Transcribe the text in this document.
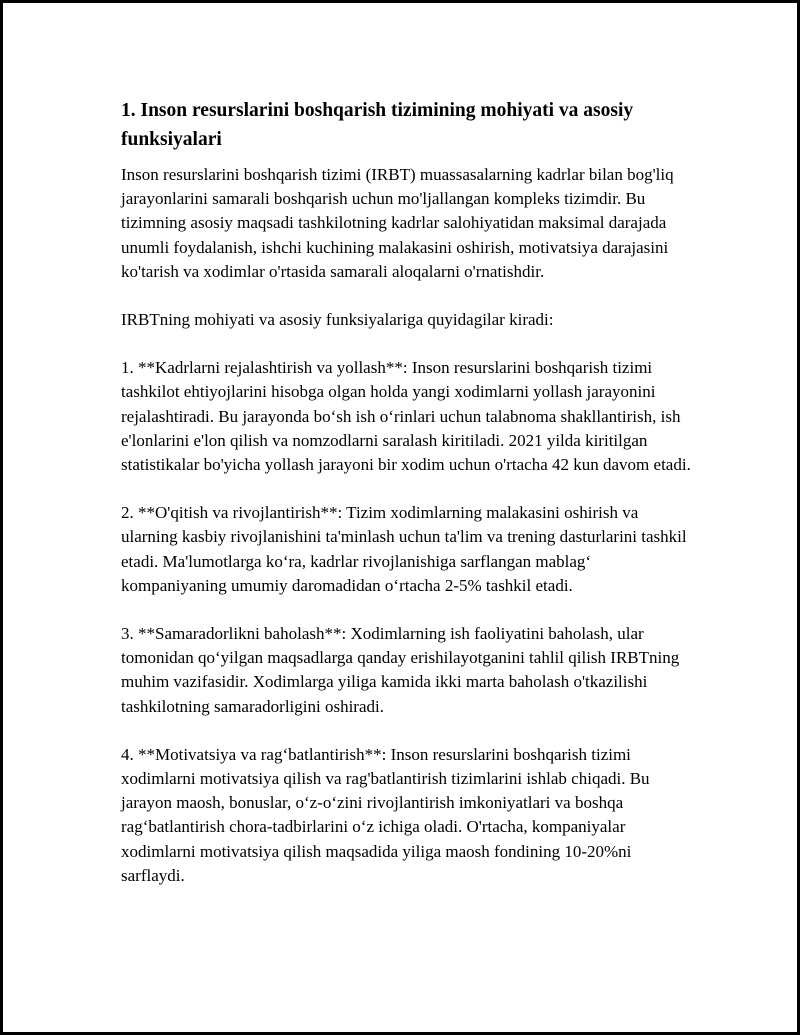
1. Inson resurslarini boshqarish tizimining mohiyati va asosiy funksiyalari

Inson resurslarini boshqarish tizimi (IRBT) muassasalarning kadrlar bilan bog'liq jarayonlarini samarali boshqarish uchun mo'ljallangan kompleks tizimdir. Bu tizimning asosiy maqsadi tashkilotning kadrlar salohiyatidan maksimal darajada unumli foydalanish, ishchi kuchining malakasini oshirish, motivatsiya darajasini ko'tarish va xodimlar o'rtasida samarali aloqalarni o'rnatishdir.

IRBTning mohiyati va asosiy funksiyalariga quyidagilar kiradi:

1. **Kadrlarni rejalashtirish va yollash**: Inson resurslarini boshqarish tizimi tashkilot ehtiyojlarini hisobga olgan holda yangi xodimlarni yollash jarayonini rejalashtiradi. Bu jarayonda bo‘sh ish o‘rinlari uchun talabnoma shakllantirish, ish e'lonlarini e'lon qilish va nomzodlarni saralash kiritiladi. 2021 yilda kiritilgan statistikalar bo'yicha yollash jarayoni bir xodim uchun o'rtacha 42 kun davom etadi.

2. **O'qitish va rivojlantirish**: Tizim xodimlarning malakasini oshirish va ularning kasbiy rivojlanishini ta'minlash uchun ta'lim va trening dasturlarini tashkil etadi. Ma'lumotlarga ko‘ra, kadrlar rivojlanishiga sarflangan mablag‘ kompaniyaning umumiy daromadidan o‘rtacha 2-5% tashkil etadi.

3. **Samaradorlikni baholash**: Xodimlarning ish faoliyatini baholash, ular tomonidan qo‘yilgan maqsadlarga qanday erishilayotganini tahlil qilish IRBTning muhim vazifasidir. Xodimlarga yiliga kamida ikki marta baholash o'tkazilishi tashkilotning samaradorligini oshiradi.

4. **Motivatsiya va rag‘batlantirish**: Inson resurslarini boshqarish tizimi xodimlarni motivatsiya qilish va rag'batlantirish tizimlarini ishlab chiqadi. Bu jarayon maosh, bonuslar, o‘z-o‘zini rivojlantirish imkoniyatlari va boshqa rag‘batlantirish chora-tadbirlarini o‘z ichiga oladi. O'rtacha, kompaniyalar xodimlarni motivatsiya qilish maqsadida yiliga maosh fondining 10-20%ni sarflaydi.
